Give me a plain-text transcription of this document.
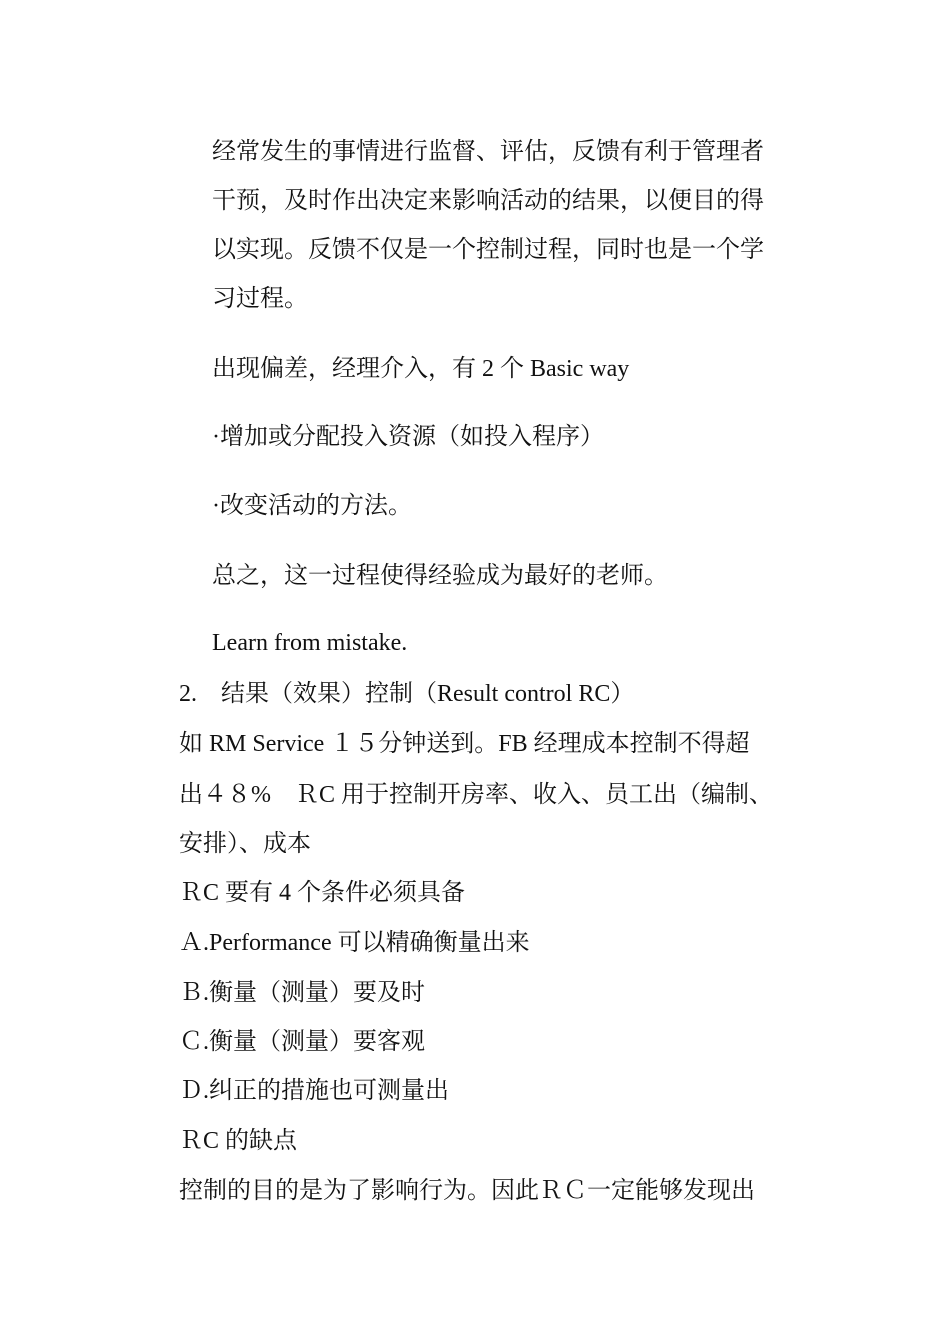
经常发生的事情进行监督、评估，反馈有利于管理者

干预，及时作出决定来影响活动的结果，以便目的得

以实现。反馈不仅是一个控制过程，同时也是一个学

习过程。

出现偏差，经理介入，有 2 个 Basic way

·增加或分配投入资源（如投入程序）

·改变活动的方法。

总之，这一过程使得经验成为最好的老师。

Learn from mistake.

2.　结果（效果）控制（Result control RC）

如 RM Service １５分钟送到。FB 经理成本控制不得超

出４８%　ＲC 用于控制开房率、收入、员工出（编制、

安排）、成本

ＲC 要有 4 个条件必须具备

Ａ.Performance 可以精确衡量出来

Ｂ.衡量（测量）要及时

Ｃ.衡量（测量）要客观

Ｄ.纠正的措施也可测量出

ＲC 的缺点

控制的目的是为了影响行为。因此ＲＣ一定能够发现出
